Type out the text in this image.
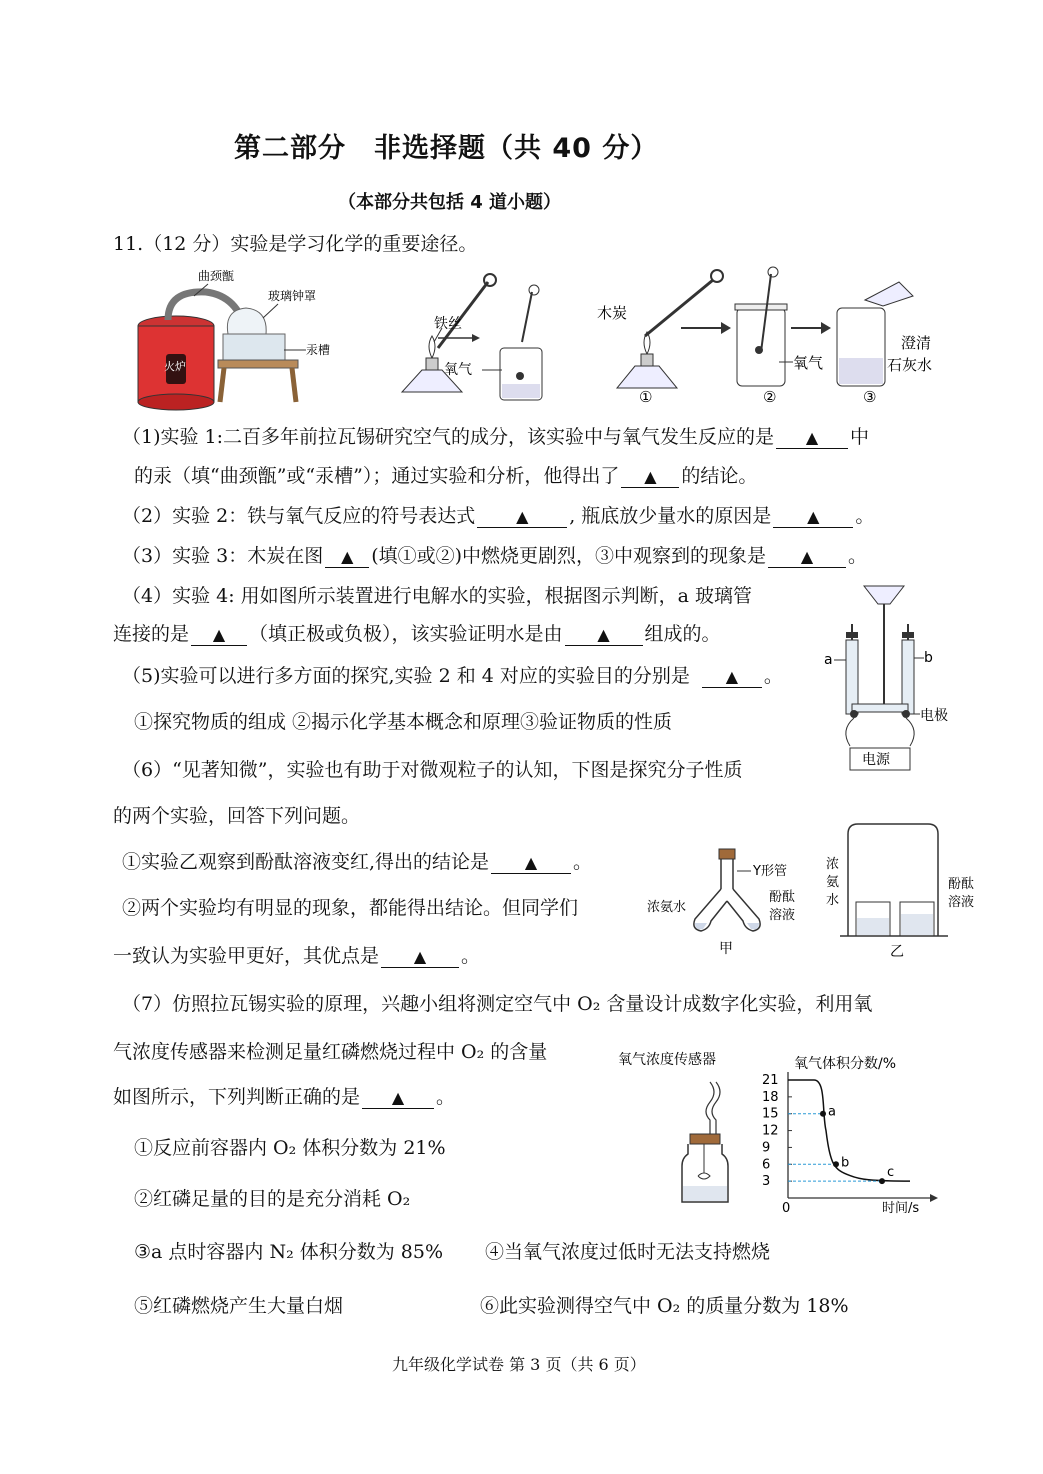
第二部分　非选择题（共 40 分）
（本部分共包括 4 道小题）
11.（12 分）实验是学习化学的重要途径。
火炉
曲颈甑
玻璃钟罩
汞槽
铁丝
氧气
木炭
①
氧气
②
澄清
石灰水
③
（1)实验 1:二百多年前拉瓦锡研究空气的成分，该实验中与氧气发生反应的是 ▲ 中
的汞（填“曲颈甑”或“汞槽”）；通过实验和分析，他得出了 ▲ 的结论。
（2）实验 2：铁与氧气反应的符号表达式	▲ , 瓶底放少量水的原因是 ▲ 。
（3）实验 3：木炭在图 ▲ (填①或②)中燃烧更剧烈，③中观察到的现象是 ▲ 。
（4）实验 4: 用如图所示装置进行电解水的实验，根据图示判断，a 玻璃管
连接的是 ▲ （填正极或负极），该实验证明水是由 ▲ 组成的。
a	b
电极
电源
（5)实验可以进行多方面的探究,实验 2 和 4 对应的实验目的分别是 ▲ 。
①探究物质的组成 ②揭示化学基本概念和原理③验证物质的性质
（6）“见著知微”，实验也有助于对微观粒子的认知，下图是探究分子性质
的两个实验，回答下列问题。
①实验乙观察到酚酞溶液变红,得出的结论是 ▲ 。
②两个实验均有明显的现象，都能得出结论。但同学们
一致认为实验甲更好，其优点是 ▲ 。
Y形管
浓氨水
酚酞
溶液
甲
浓
氨
水
酚酞
溶液
乙
（7）仿照拉瓦锡实验的原理，兴趣小组将测定空气中 O₂ 含量设计成数字化实验，利用氧
气浓度传感器来检测足量红磷燃烧过程中 O₂ 的含量
如图所示，下列判断正确的是 ▲ 。
①反应前容器内 O₂ 体积分数为 21%
②红磷足量的目的是充分消耗 O₂
③a 点时容器内 N₂ 体积分数为 85% ④当氧气浓度过低时无法支持燃烧
⑤红磷燃烧产生大量白烟	⑥此实验测得空气中 O₂ 的质量分数为 18%
氧气浓度传感器	氧气体积分数/%
0	时间/s
21
18
15
12
9
6
3
a
b
c
九年级化学试卷 第 3 页（共 6 页）
